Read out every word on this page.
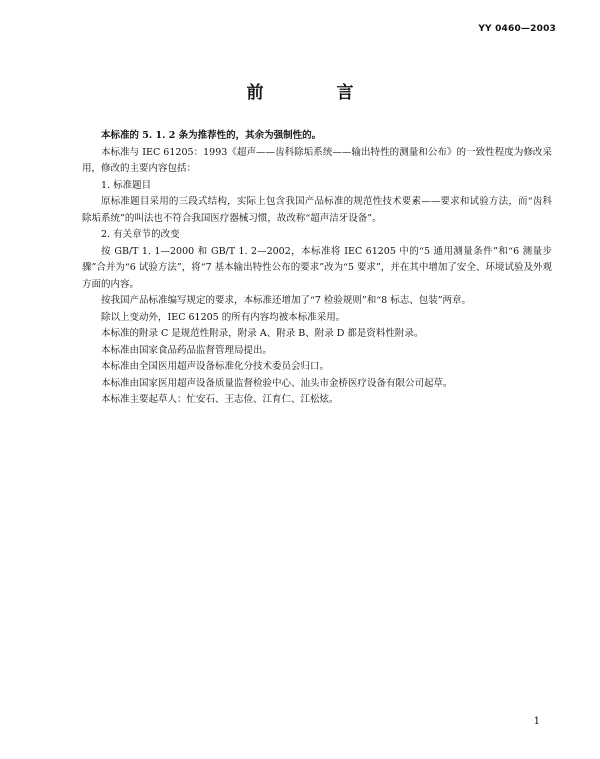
YY 0460—2003
前　言

本标准的 5. 1. 2 条为推荐性的，其余为强制性的。

本标准与 IEC 61205：1993《超声——齿科除垢系统——输出特性的测量和公布》的一致性程度为修改采用，修改的主要内容包括：

1. 标准题目

原标准题目采用的三段式结构，实际上包含我国产品标准的规范性技术要素——要求和试验方法，而“齿科除垢系统”的叫法也不符合我国医疗器械习惯，故改称“超声洁牙设备”。

2. 有关章节的改变

按 GB/T 1. 1—2000 和 GB/T 1. 2—2002，本标准将 IEC 61205 中的“5 通用测量条件”和“6 测量步骤”合并为“6 试验方法”，将“7 基本输出特性公布的要求”改为“5 要求”，并在其中增加了安全、环境试验及外观方面的内容。

按我国产品标准编写规定的要求，本标准还增加了“7 检验规则”和“8 标志、包装”两章。

除以上变动外，IEC 61205 的所有内容均被本标准采用。

本标准的附录 C 是规范性附录，附录 A、附录 B、附录 D 都是资料性附录。

本标准由国家食品药品监督管理局提出。

本标准由全国医用超声设备标准化分技术委员会归口。

本标准由国家医用超声设备质量监督检验中心、汕头市金桥医疗设备有限公司起草。

本标准主要起草人：忙安石、王志俭、江育仁、江松炫。

1
